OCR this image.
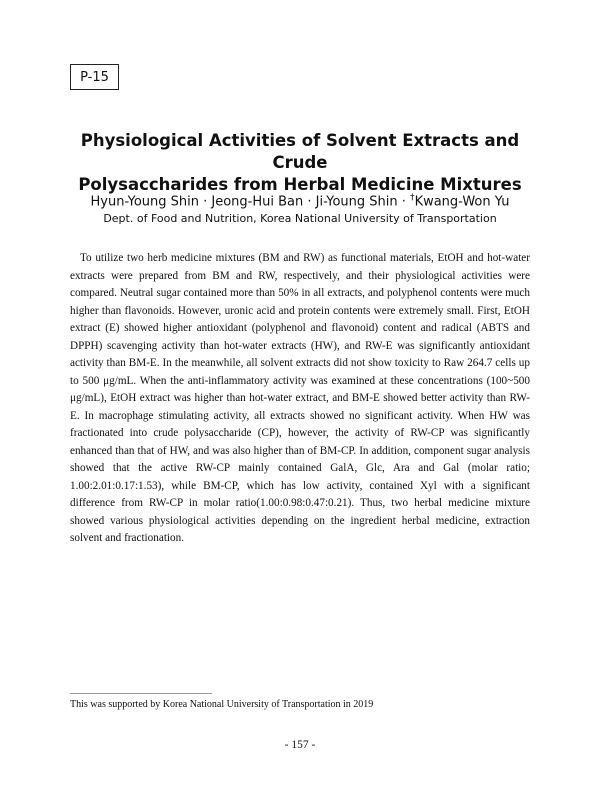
P-15
Physiological Activities of Solvent Extracts and Crude
Polysaccharides from Herbal Medicine Mixtures
Hyun-Young Shin · Jeong-Hui Ban · Ji-Young Shin · †Kwang-Won Yu
Dept. of Food and Nutrition, Korea National University of Transportation

To utilize two herb medicine mixtures (BM and RW) as functional materials, EtOH and hot-water extracts were prepared from BM and RW, respectively, and their physiological activities were compared. Neutral sugar contained more than 50% in all extracts, and polyphenol contents were much higher than flavonoids. However, uronic acid and protein contents were extremely small. First, EtOH extract (E) showed higher antioxidant (polyphenol and flavonoid) content and radical (ABTS and DPPH) scavenging activity than hot-water extracts (HW), and RW-E was significantly antioxidant activity than BM-E. In the meanwhile, all solvent extracts did not show toxicity to Raw 264.7 cells up to 500 μg/mL. When the anti-inflammatory activity was examined at these concentrations (100~500 μg/mL), EtOH extract was higher than hot-water extract, and BM-E showed better activity than RW-E. In macrophage stimulating activity, all extracts showed no significant activity. When HW was fractionated into crude polysaccharide (CP), however, the activity of RW-CP was significantly enhanced than that of HW, and was also higher than of BM-CP. In addition, component sugar analysis showed that the active RW-CP mainly contained GalA, Glc, Ara and Gal (molar ratio; 1.00:2.01:0.17:1.53), while BM-CP, which has low activity, contained Xyl with a significant difference from RW-CP in molar ratio(1.00:0.98:0.47:0.21). Thus, two herbal medicine mixture showed various physiological activities depending on the ingredient herbal medicine, extraction solvent and fractionation.

This was supported by Korea National University of Transportation in 2019
- 157 -
